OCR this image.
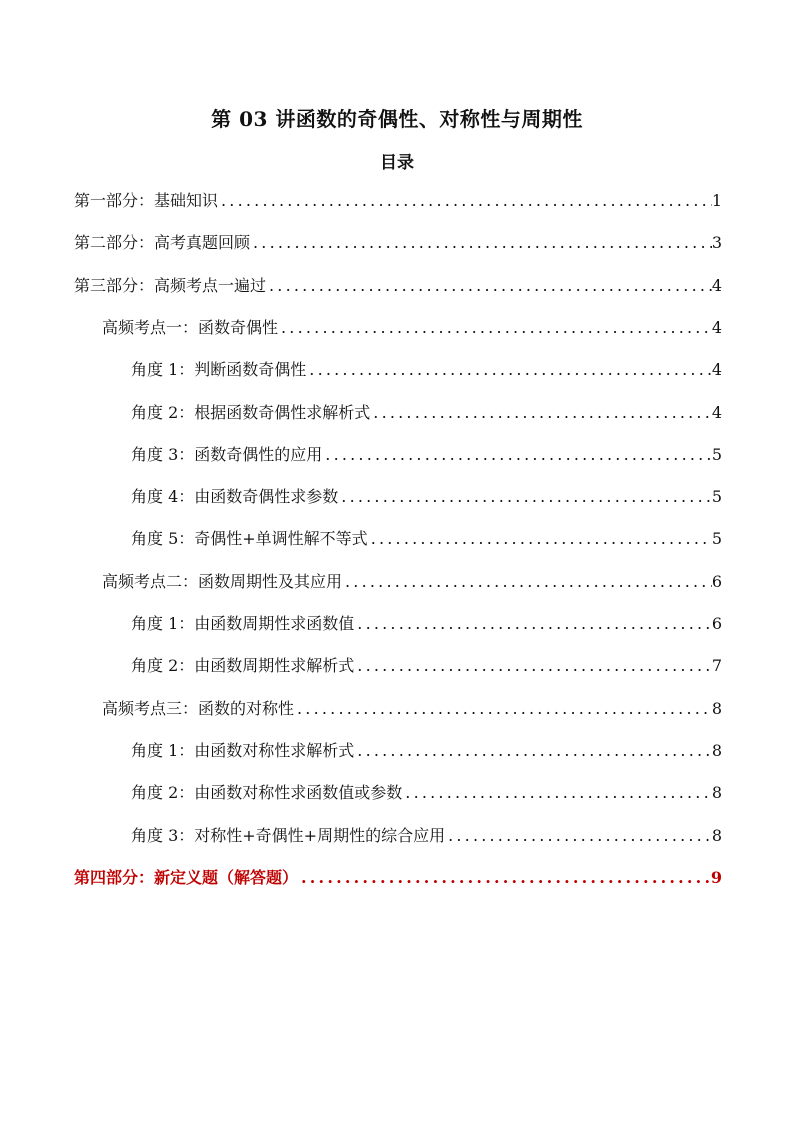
第 03 讲函数的奇偶性、对称性与周期性
目录
第一部分：基础知识 .....	1
第二部分：高考真题回顾 .....	3
第三部分：高频考点一遍过 .....	4
高频考点一：函数奇偶性 .....	4
角度 1：判断函数奇偶性 .....	4
角度 2：根据函数奇偶性求解析式 .....	4
角度 3：函数奇偶性的应用 .....	5
角度 4：由函数奇偶性求参数 .....	5
角度 5：奇偶性+单调性解不等式 .....	5
高频考点二：函数周期性及其应用 .....	6
角度 1：由函数周期性求函数值 .....	6
角度 2：由函数周期性求解析式 .....	7
高频考点三：函数的对称性 .....	8
角度 1：由函数对称性求解析式 .....	8
角度 2：由函数对称性求函数值或参数 .....	8
角度 3：对称性+奇偶性+周期性的综合应用 .....	8
第四部分：新定义题（解答题） .....	9
